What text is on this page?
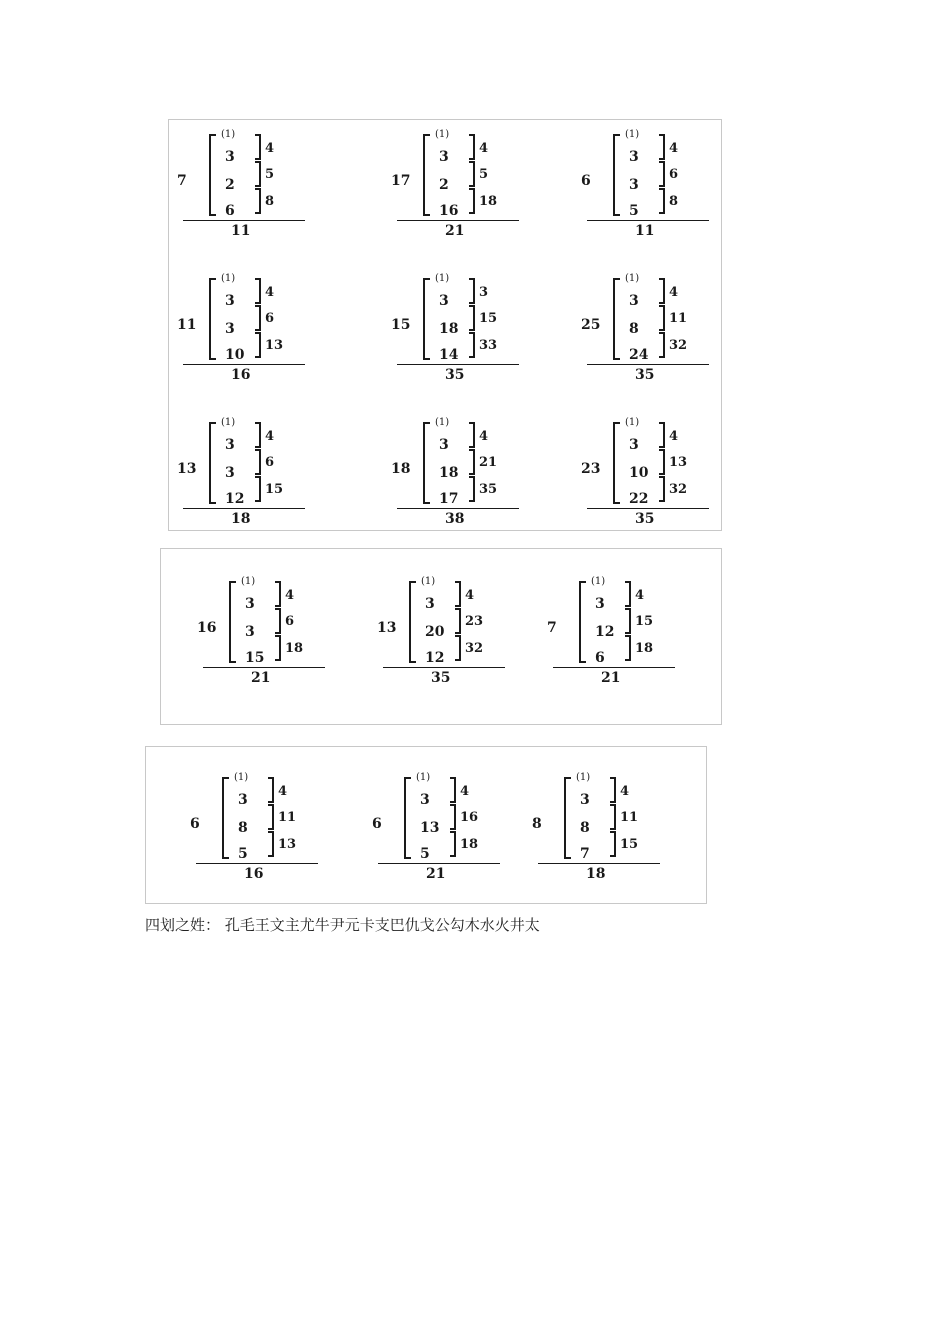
7
(1)
3
2
6
4
5
8
11
17
(1)
3
2
16
4
5
18
21
6
(1)
3
3
5
4
6
8
11
11
(1)
3
3
10
4
6
13
16
15
(1)
3
18
14
3
15
33
35
25
(1)
3
8
24
4
11
32
35
13
(1)
3
3
12
4
6
15
18
18
(1)
3
18
17
4
21
35
38
23
(1)
3
10
22
4
13
32
35
16
(1)
3
3
15
4
6
18
21
13
(1)
3
20
12
4
23
32
35
7
(1)
3
12
6
4
15
18
21
6
(1)
3
8
5
4
11
13
16
6
(1)
3
13
5
4
16
18
21
8
(1)
3
8
7
4
11
15
18
四划之姓： 孔毛王文主尤牛尹元卡支巴仇戈公勾木水火井太
